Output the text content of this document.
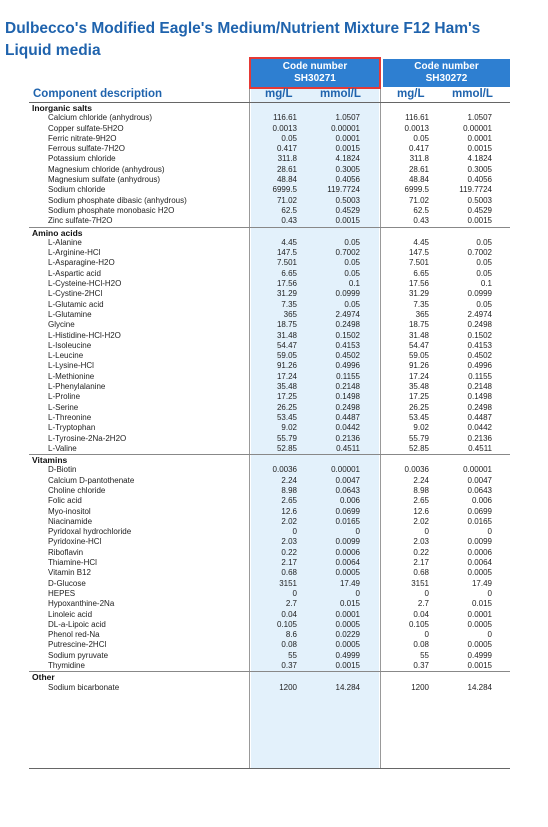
Dulbecco's Modified Eagle's Medium/Nutrient Mixture F12 Ham's Liquid media
Code number
SH30271
Code number
SH30272
Component description	mg/L mmol/L	mg/L mmol/L
Inorganic salts
Calcium chloride (anhydrous)	116.61	1.0507	116.61	1.0507
Copper sulfate-5H2O	0.0013	0.00001	0.0013	0.00001
Ferric nitrate-9H2O	0.05	0.0001	0.05	0.0001
Ferrous sulfate-7H2O	0.417	0.0015	0.417	0.0015
Potassium chloride	311.8	4.1824	311.8	4.1824
Magnesium chloride (anhydrous)	28.61	0.3005	28.61	0.3005
Magnesium sulfate (anhydrous)	48.84	0.4056	48.84	0.4056
Sodium chloride	6999.5	119.7724	6999.5	119.7724
Sodium phosphate dibasic (anhydrous)	71.02	0.5003	71.02	0.5003
Sodium phosphate monobasic H2O	62.5	0.4529	62.5	0.4529
Zinc sulfate-7H2O	0.43	0.0015	0.43	0.0015
Amino acids
L-Alanine	4.45	0.05	4.45	0.05
L-Arginine-HCl	147.5	0.7002	147.5	0.7002
L-Asparagine-H2O	7.501	0.05	7.501	0.05
L-Aspartic acid	6.65	0.05	6.65	0.05
L-Cysteine-HCl-H2O	17.56	0.1	17.56	0.1
L-Cystine-2HCl	31.29	0.0999	31.29	0.0999
L-Glutamic acid	7.35	0.05	7.35	0.05
L-Glutamine	365	2.4974	365	2.4974
Glycine	18.75	0.2498	18.75	0.2498
L-Histidine-HCl-H2O	31.48	0.1502	31.48	0.1502
L-Isoleucine	54.47	0.4153	54.47	0.4153
L-Leucine	59.05	0.4502	59.05	0.4502
L-Lysine-HCl	91.26	0.4996	91.26	0.4996
L-Methionine	17.24	0.1155	17.24	0.1155
L-Phenylalanine	35.48	0.2148	35.48	0.2148
L-Proline	17.25	0.1498	17.25	0.1498
L-Serine	26.25	0.2498	26.25	0.2498
L-Threonine	53.45	0.4487	53.45	0.4487
L-Tryptophan	9.02	0.0442	9.02	0.0442
L-Tyrosine-2Na-2H2O	55.79	0.2136	55.79	0.2136
L-Valine	52.85	0.4511	52.85	0.4511
Vitamins
D-Biotin	0.0036	0.00001	0.0036	0.00001
Calcium D-pantothenate	2.24	0.0047	2.24	0.0047
Choline chloride	8.98	0.0643	8.98	0.0643
Folic acid	2.65	0.006	2.65	0.006
Myo-inositol	12.6	0.0699	12.6	0.0699
Niacinamide	2.02	0.0165	2.02	0.0165
Pyridoxal hydrochloride	0	0	0	0
Pyridoxine-HCl	2.03	0.0099	2.03	0.0099
Riboflavin	0.22	0.0006	0.22	0.0006
Thiamine-HCl	2.17	0.0064	2.17	0.0064
Vitamin B12	0.68	0.0005	0.68	0.0005
D-Glucose	3151	17.49	3151	17.49
HEPES	0	0	0	0
Hypoxanthine-2Na	2.7	0.015	2.7	0.015
Linoleic acid	0.04	0.0001	0.04	0.0001
DL-a-Lipoic acid	0.105	0.0005	0.105	0.0005
Phenol red-Na	8.6	0.0229	0	0
Putrescine-2HCl	0.08	0.0005	0.08	0.0005
Sodium pyruvate	55	0.4999	55	0.4999
Thymidine	0.37	0.0015	0.37	0.0015
Other
Sodium bicarbonate	1200	14.284	1200	14.284
